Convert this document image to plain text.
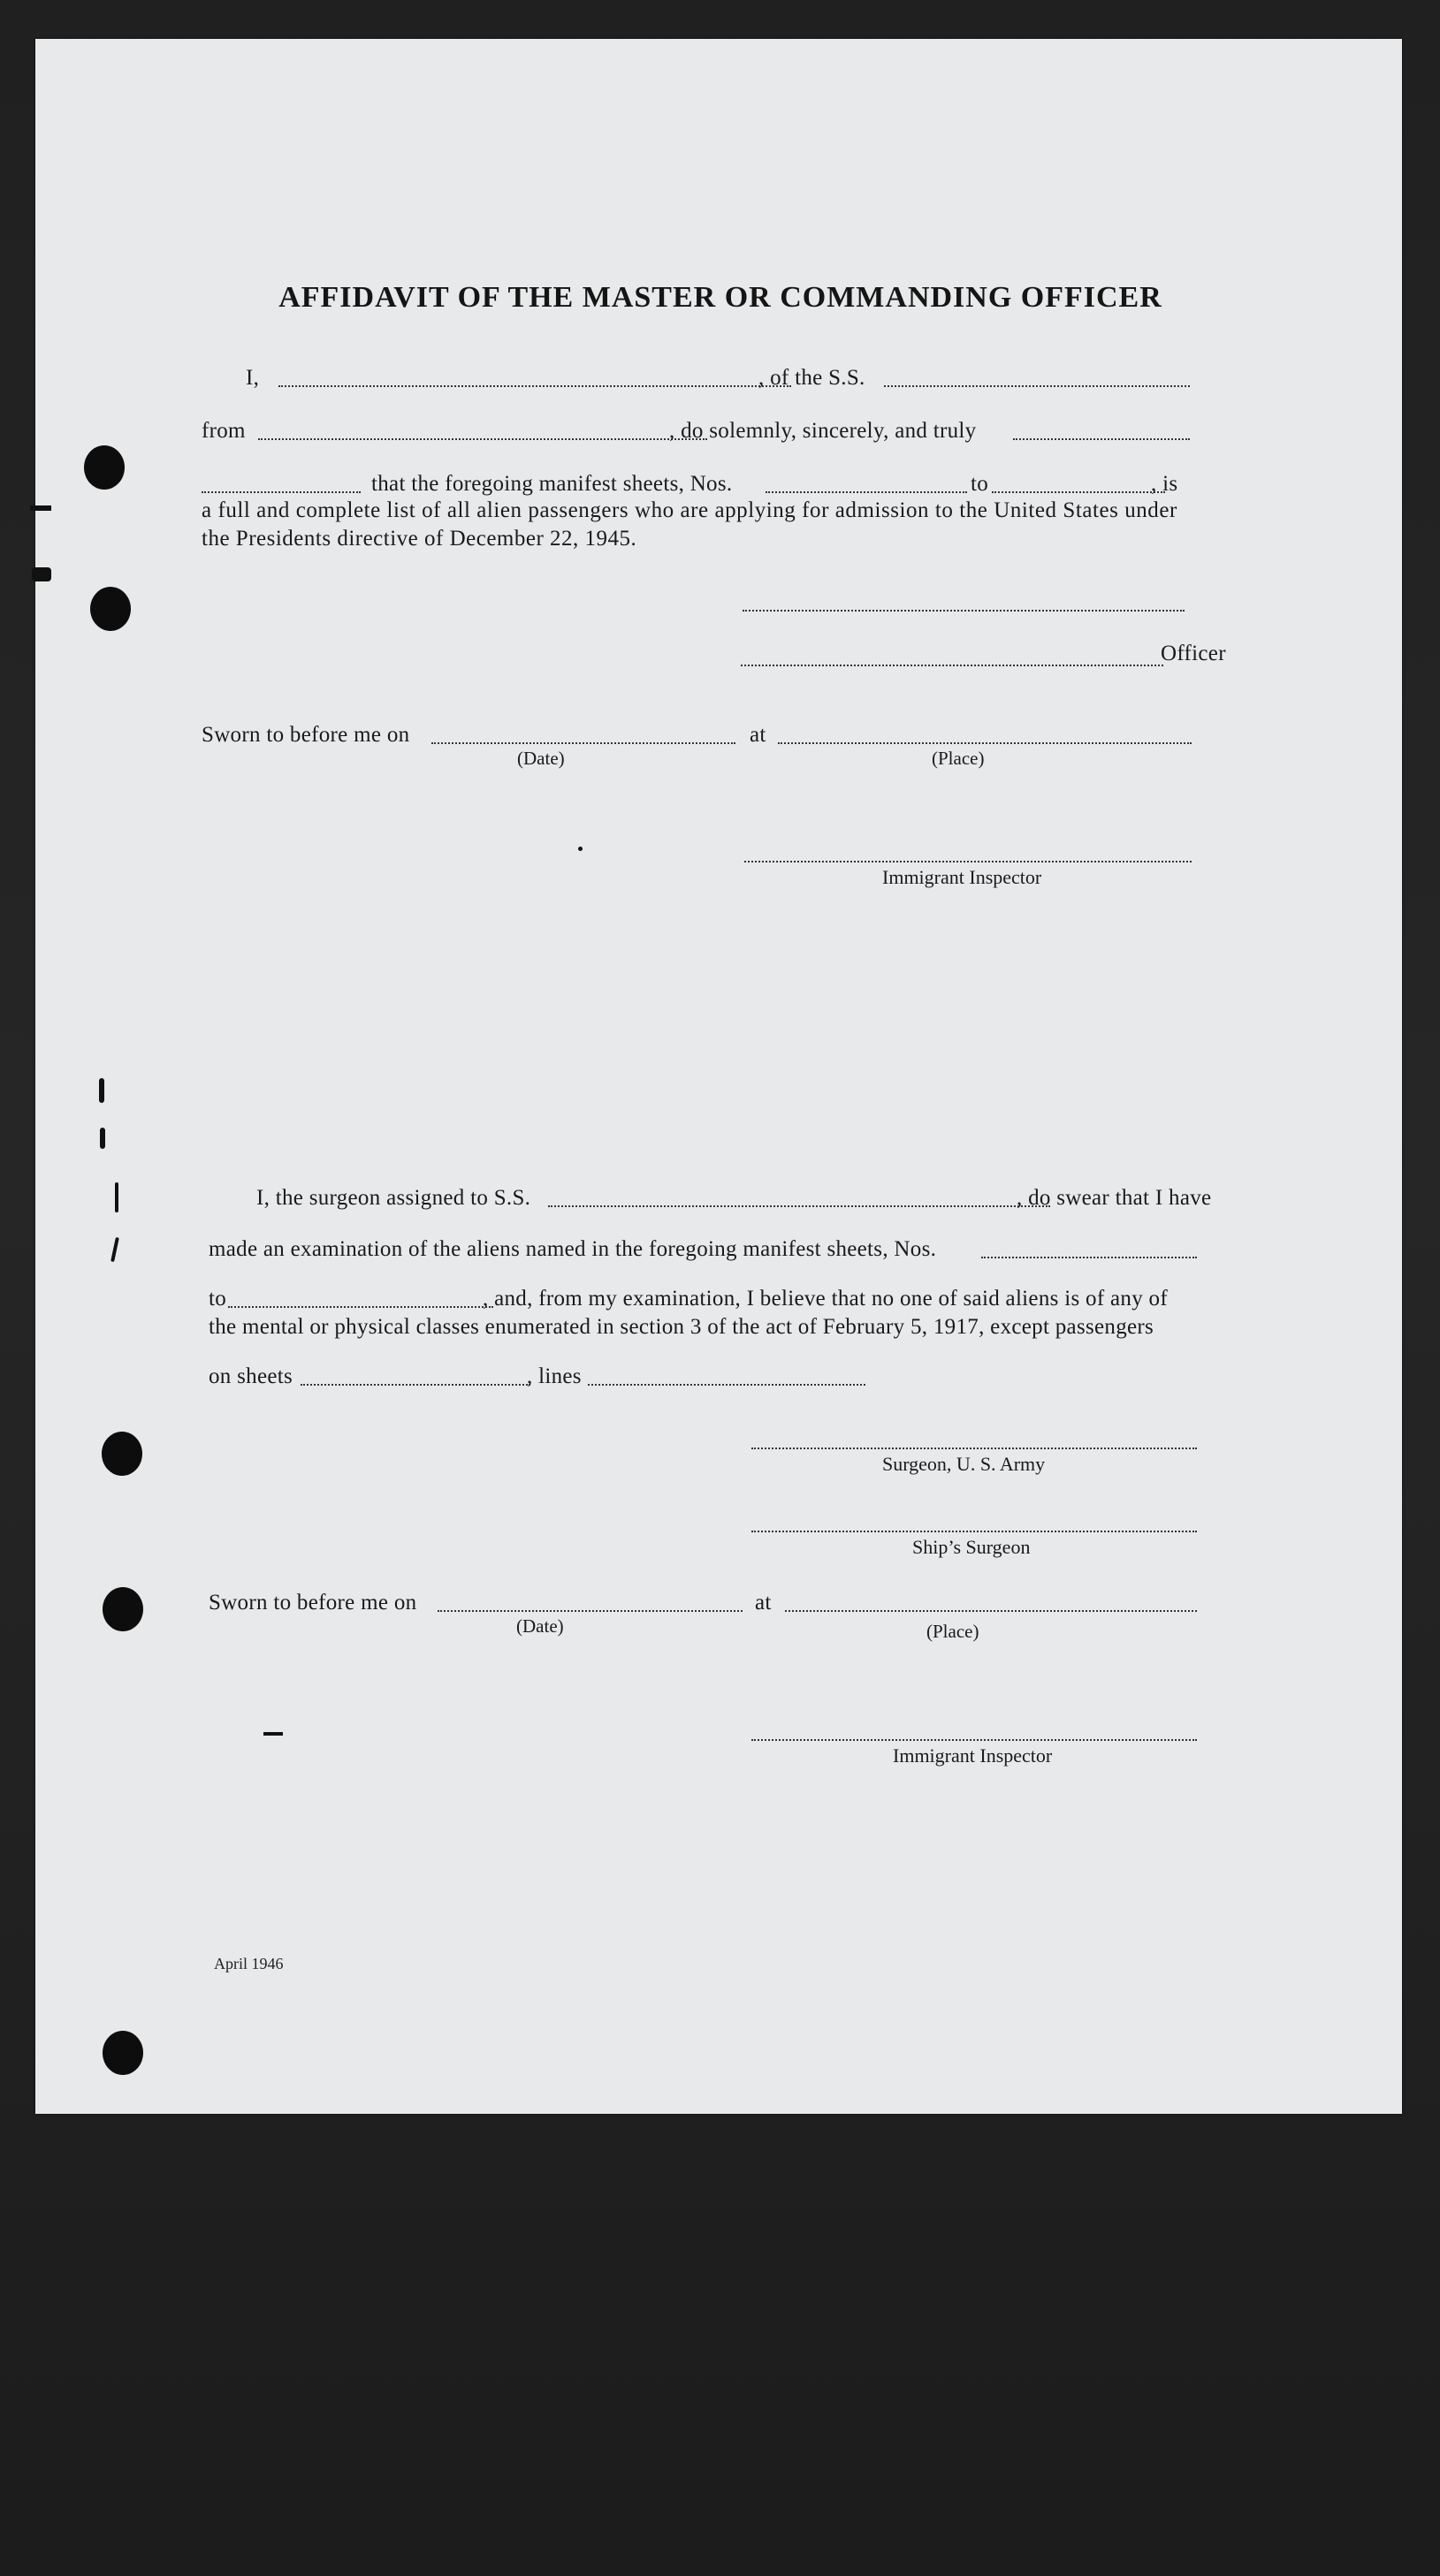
AFFIDAVIT OF THE MASTER OR COMMANDING OFFICER
I,	, of the S.S.
from	, do solemnly, sincerely, and truly
that the foregoing manifest sheets, Nos.	to	, is
a full and complete list of all alien passengers who are applying for admission to the United States under
the Presidents directive of December 22, 1945.
Officer
Sworn to before me on
(Date)
at
(Place)
Immigrant Inspector
I, the surgeon assigned to S.S.	, do swear that I have
made an examination of the aliens named in the foregoing manifest sheets, Nos.
to	, and, from my examination, I believe that no one of said aliens is of any of
the mental or physical classes enumerated in section 3 of the act of February 5, 1917, except passengers
on sheets	, lines
Surgeon, U. S. Army
Ship’s Surgeon
Sworn to before me on
(Date)
at
(Place)
Immigrant Inspector
April 1946
